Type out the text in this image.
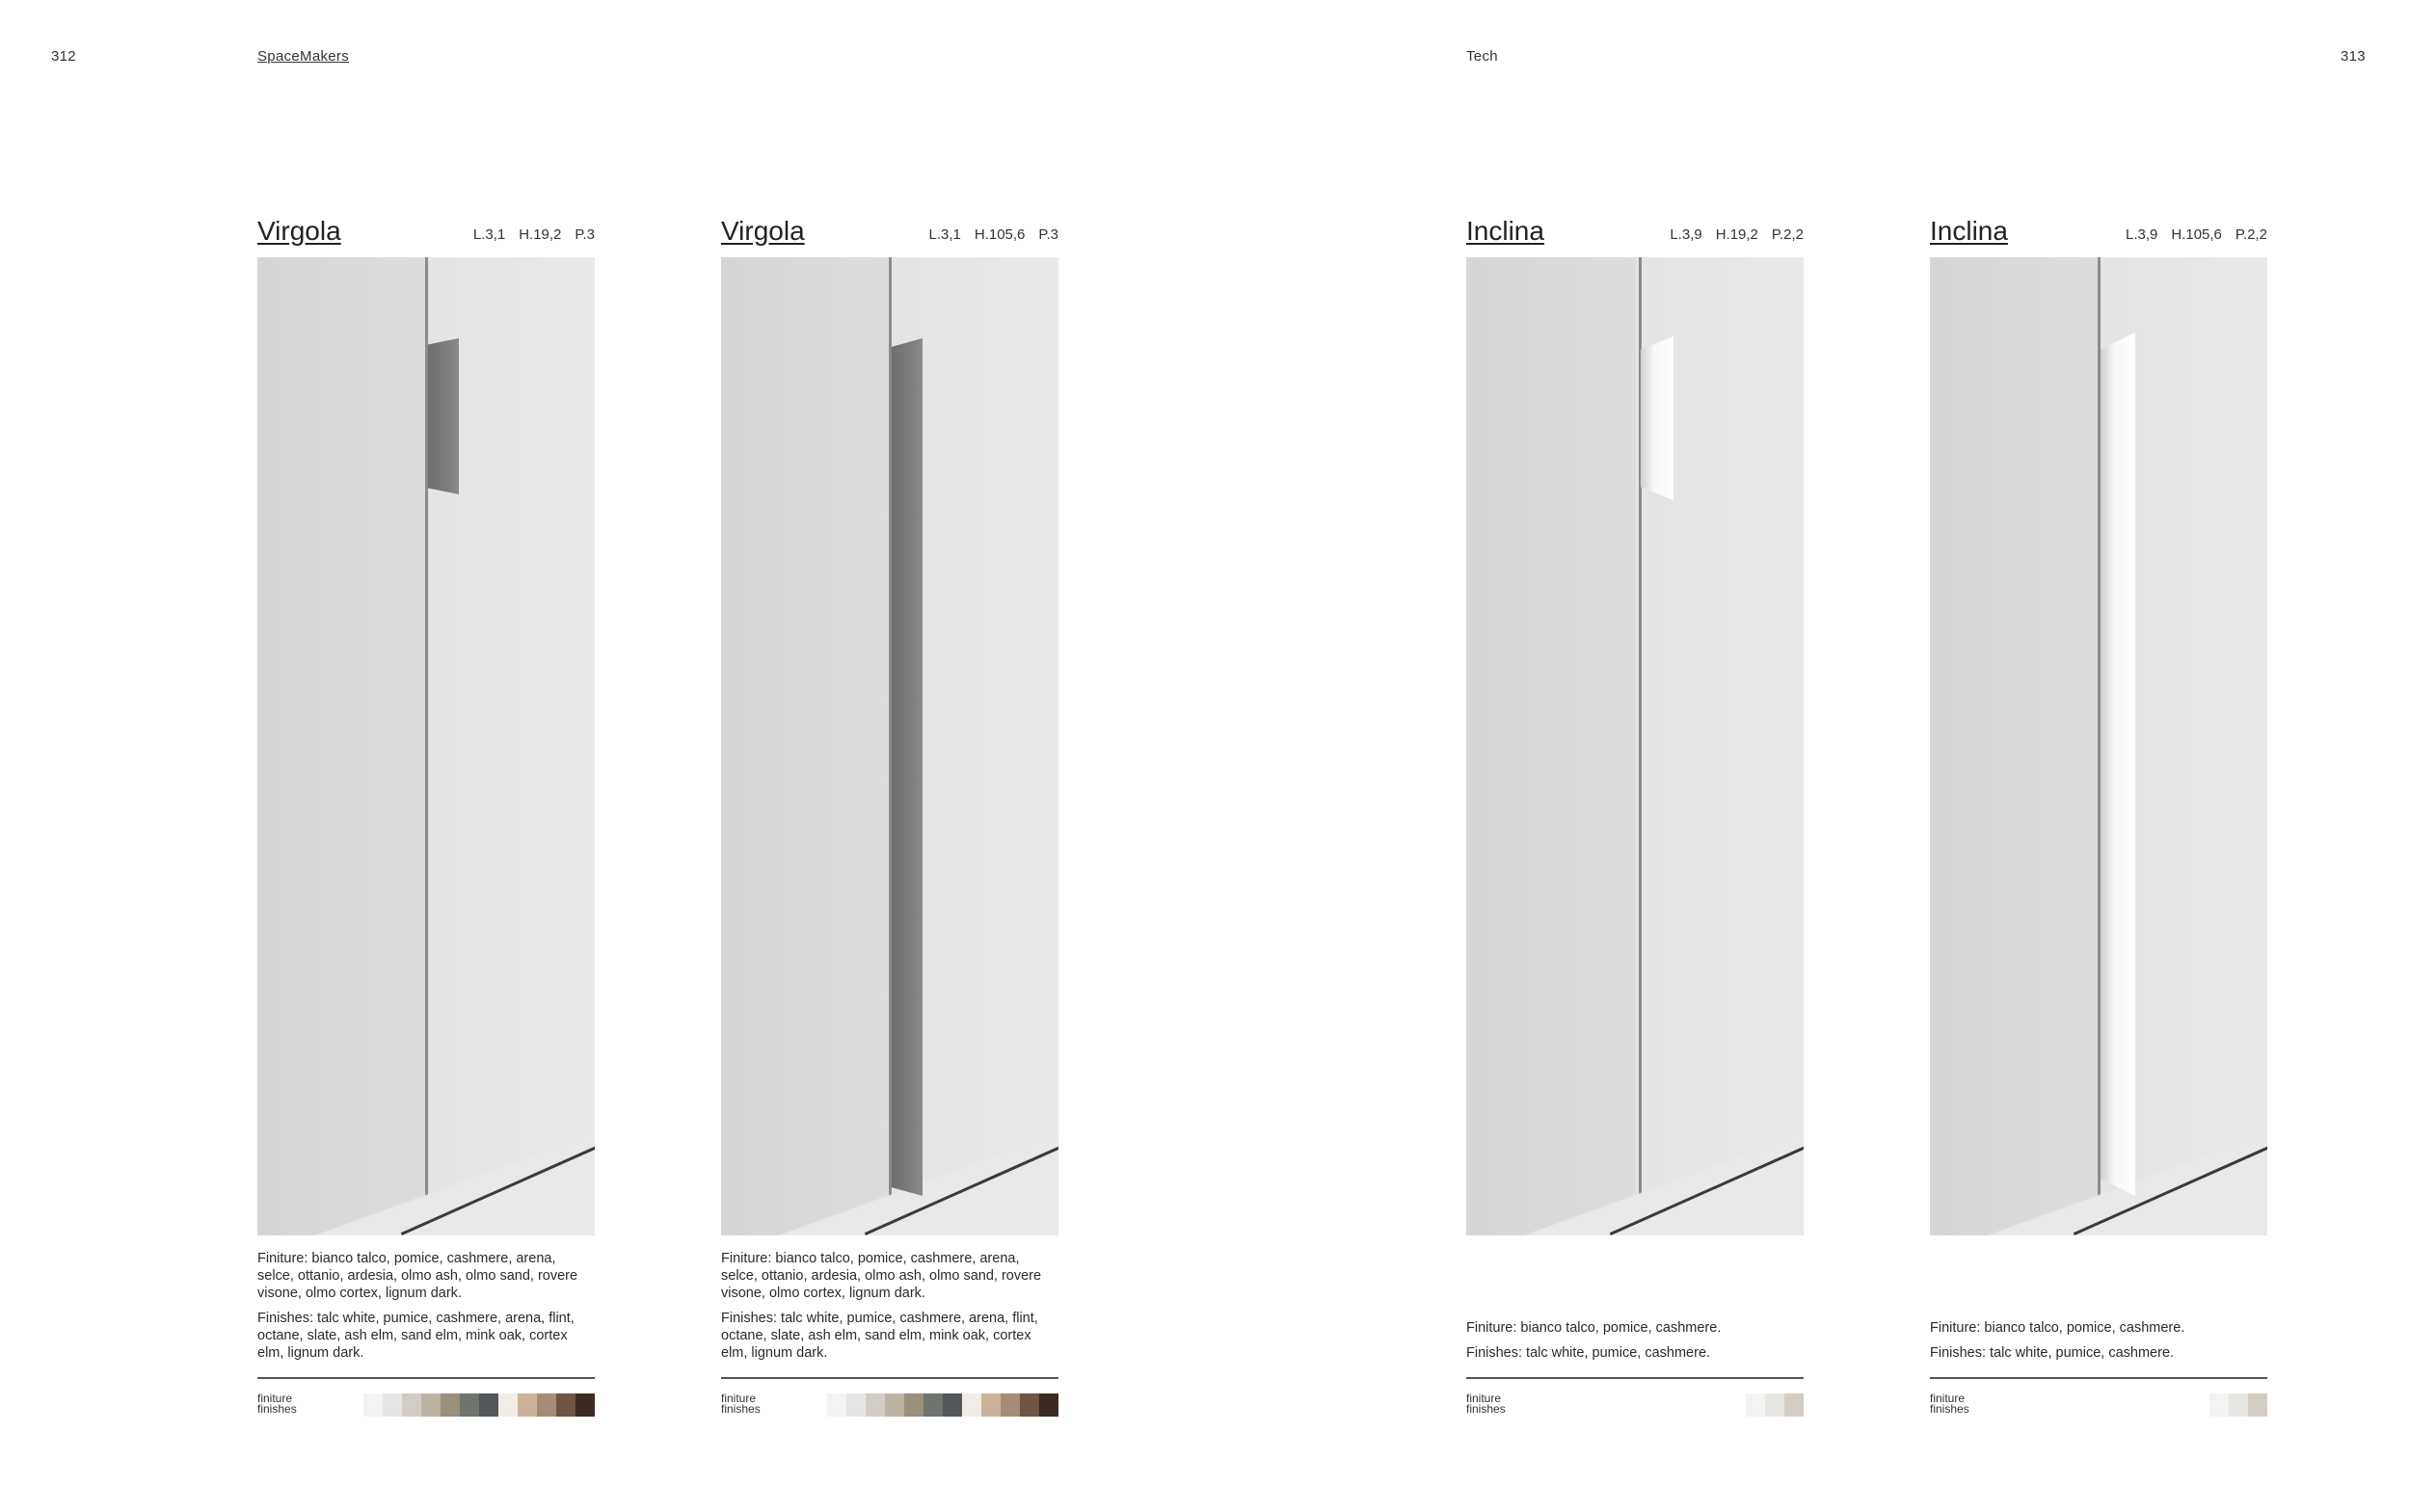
312	SpaceMakers	Tech	313
Virgola	L.3,1 H.19,2 P.3

Finiture: bianco talco, pomice, cashmere, arena, selce, ottanio, ardesia, olmo ash, olmo sand, rovere visone, olmo cortex, lignum dark.

Finishes: talc white, pumice, cashmere, arena, flint, octane, slate, ash elm, sand elm, mink oak, cortex elm, lignum dark.

finiture
finishes
Virgola	L.3,1 H.105,6 P.3

Finiture: bianco talco, pomice, cashmere, arena, selce, ottanio, ardesia, olmo ash, olmo sand, rovere visone, olmo cortex, lignum dark.

Finishes: talc white, pumice, cashmere, arena, flint, octane, slate, ash elm, sand elm, mink oak, cortex elm, lignum dark.

finiture
finishes
Inclina	L.3,9 H.19,2 P.2,2

Finiture: bianco talco, pomice, cashmere.

Finishes: talc white, pumice, cashmere.

finiture
finishes
Inclina	L.3,9 H.105,6 P.2,2

Finiture: bianco talco, pomice, cashmere.

Finishes: talc white, pumice, cashmere.

finiture
finishes
